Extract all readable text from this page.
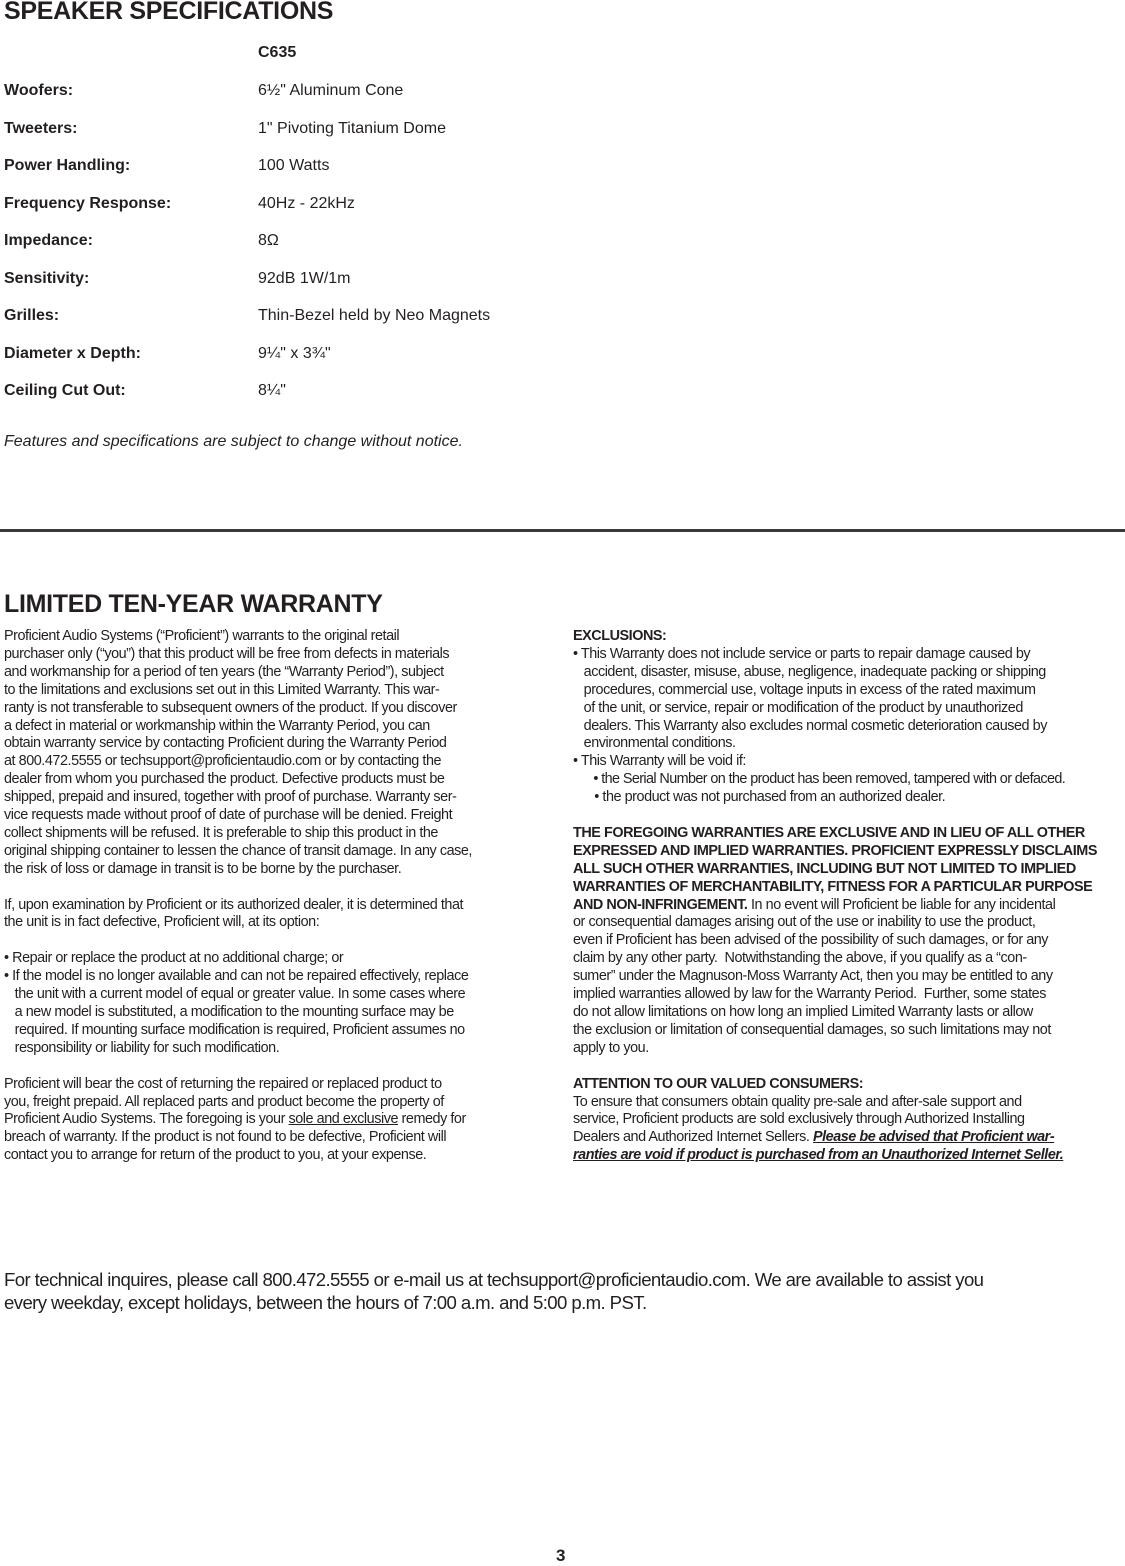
SPEAKER SPECIFICATIONS
C635
Woofers:	6½" Aluminum Cone
Tweeters:	1" Pivoting Titanium Dome
Power Handling:	100 Watts
Frequency Response:	40Hz - 22kHz
Impedance:	8Ω
Sensitivity:	92dB 1W/1m
Grilles:	Thin-Bezel held by Neo Magnets
Diameter x Depth:	9¼" x 3¾"
Ceiling Cut Out:	8¼"
Features and specifications are subject to change without notice.
LIMITED TEN-YEAR WARRANTY

Proficient Audio Systems (“Proficient”) warrants to the original retail
purchaser only (“you”) that this product will be free from defects in materials
and workmanship for a period of ten years (the “Warranty Period”), subject
to the limitations and exclusions set out in this Limited Warranty. This war-
ranty is not transferable to subsequent owners of the product. If you discover
a defect in material or workmanship within the Warranty Period, you can
obtain warranty service by contacting Proficient during the Warranty Period
at 800.472.5555 or techsupport@proficientaudio.com or by contacting the
dealer from whom you purchased the product. Defective products must be
shipped, prepaid and insured, together with proof of purchase. Warranty ser-
vice requests made without proof of date of purchase will be denied. Freight
collect shipments will be refused. It is preferable to ship this product in the
original shipping container to lessen the chance of transit damage. In any case,
the risk of loss or damage in transit is to be borne by the purchaser.

If, upon examination by Proficient or its authorized dealer, it is determined that
the unit is in fact defective, Proficient will, at its option:

• Repair or replace the product at no additional charge; or

• If the model is no longer available and can not be repaired effectively, replace
the unit with a current model of equal or greater value. In some cases where
a new model is substituted, a modification to the mounting surface may be
required. If mounting surface modification is required, Proficient assumes no
responsibility or liability for such modification.

Proficient will bear the cost of returning the repaired or replaced product to
you, freight prepaid. All replaced parts and product become the property of
Proficient Audio Systems. The foregoing is your sole and exclusive remedy for
breach of warranty. If the product is not found to be defective, Proficient will
contact you to arrange for return of the product to you, at your expense.

EXCLUSIONS:

• This Warranty does not include service or parts to repair damage caused by
accident, disaster, misuse, abuse, negligence, inadequate packing or shipping
procedures, commercial use, voltage inputs in excess of the rated maximum
of the unit, or service, repair or modification of the product by unauthorized
dealers. This Warranty also excludes normal cosmetic deterioration caused by
environmental conditions.

• This Warranty will be void if:

• the Serial Number on the product has been removed, tampered with or defaced.

• the product was not purchased from an authorized dealer.

THE FOREGOING WARRANTIES ARE EXCLUSIVE AND IN LIEU OF ALL OTHER
EXPRESSED AND IMPLIED WARRANTIES. PROFICIENT EXPRESSLY DISCLAIMS
ALL SUCH OTHER WARRANTIES, INCLUDING BUT NOT LIMITED TO IMPLIED
WARRANTIES OF MERCHANTABILITY, FITNESS FOR A PARTICULAR PURPOSE
AND NON-INFRINGEMENT. In no event will Proficient be liable for any incidental
or consequential damages arising out of the use or inability to use the product,
even if Proficient has been advised of the possibility of such damages, or for any
claim by any other party.  Notwithstanding the above, if you qualify as a “con-
sumer” under the Magnuson-Moss Warranty Act, then you may be entitled to any
implied warranties allowed by law for the Warranty Period.  Further, some states
do not allow limitations on how long an implied Limited Warranty lasts or allow
the exclusion or limitation of consequential damages, so such limitations may not
apply to you.

ATTENTION TO OUR VALUED CONSUMERS:

To ensure that consumers obtain quality pre-sale and after-sale support and
service, Proficient products are sold exclusively through Authorized Installing
Dealers and Authorized Internet Sellers. Please be advised that Proficient war-
ranties are void if product is purchased from an Unauthorized Internet Seller.

For technical inquires, please call 800.472.5555 or e-mail us at techsupport@proficientaudio.com. We are available to assist you
every weekday, except holidays, between the hours of 7:00 a.m. and 5:00 p.m. PST.
3
